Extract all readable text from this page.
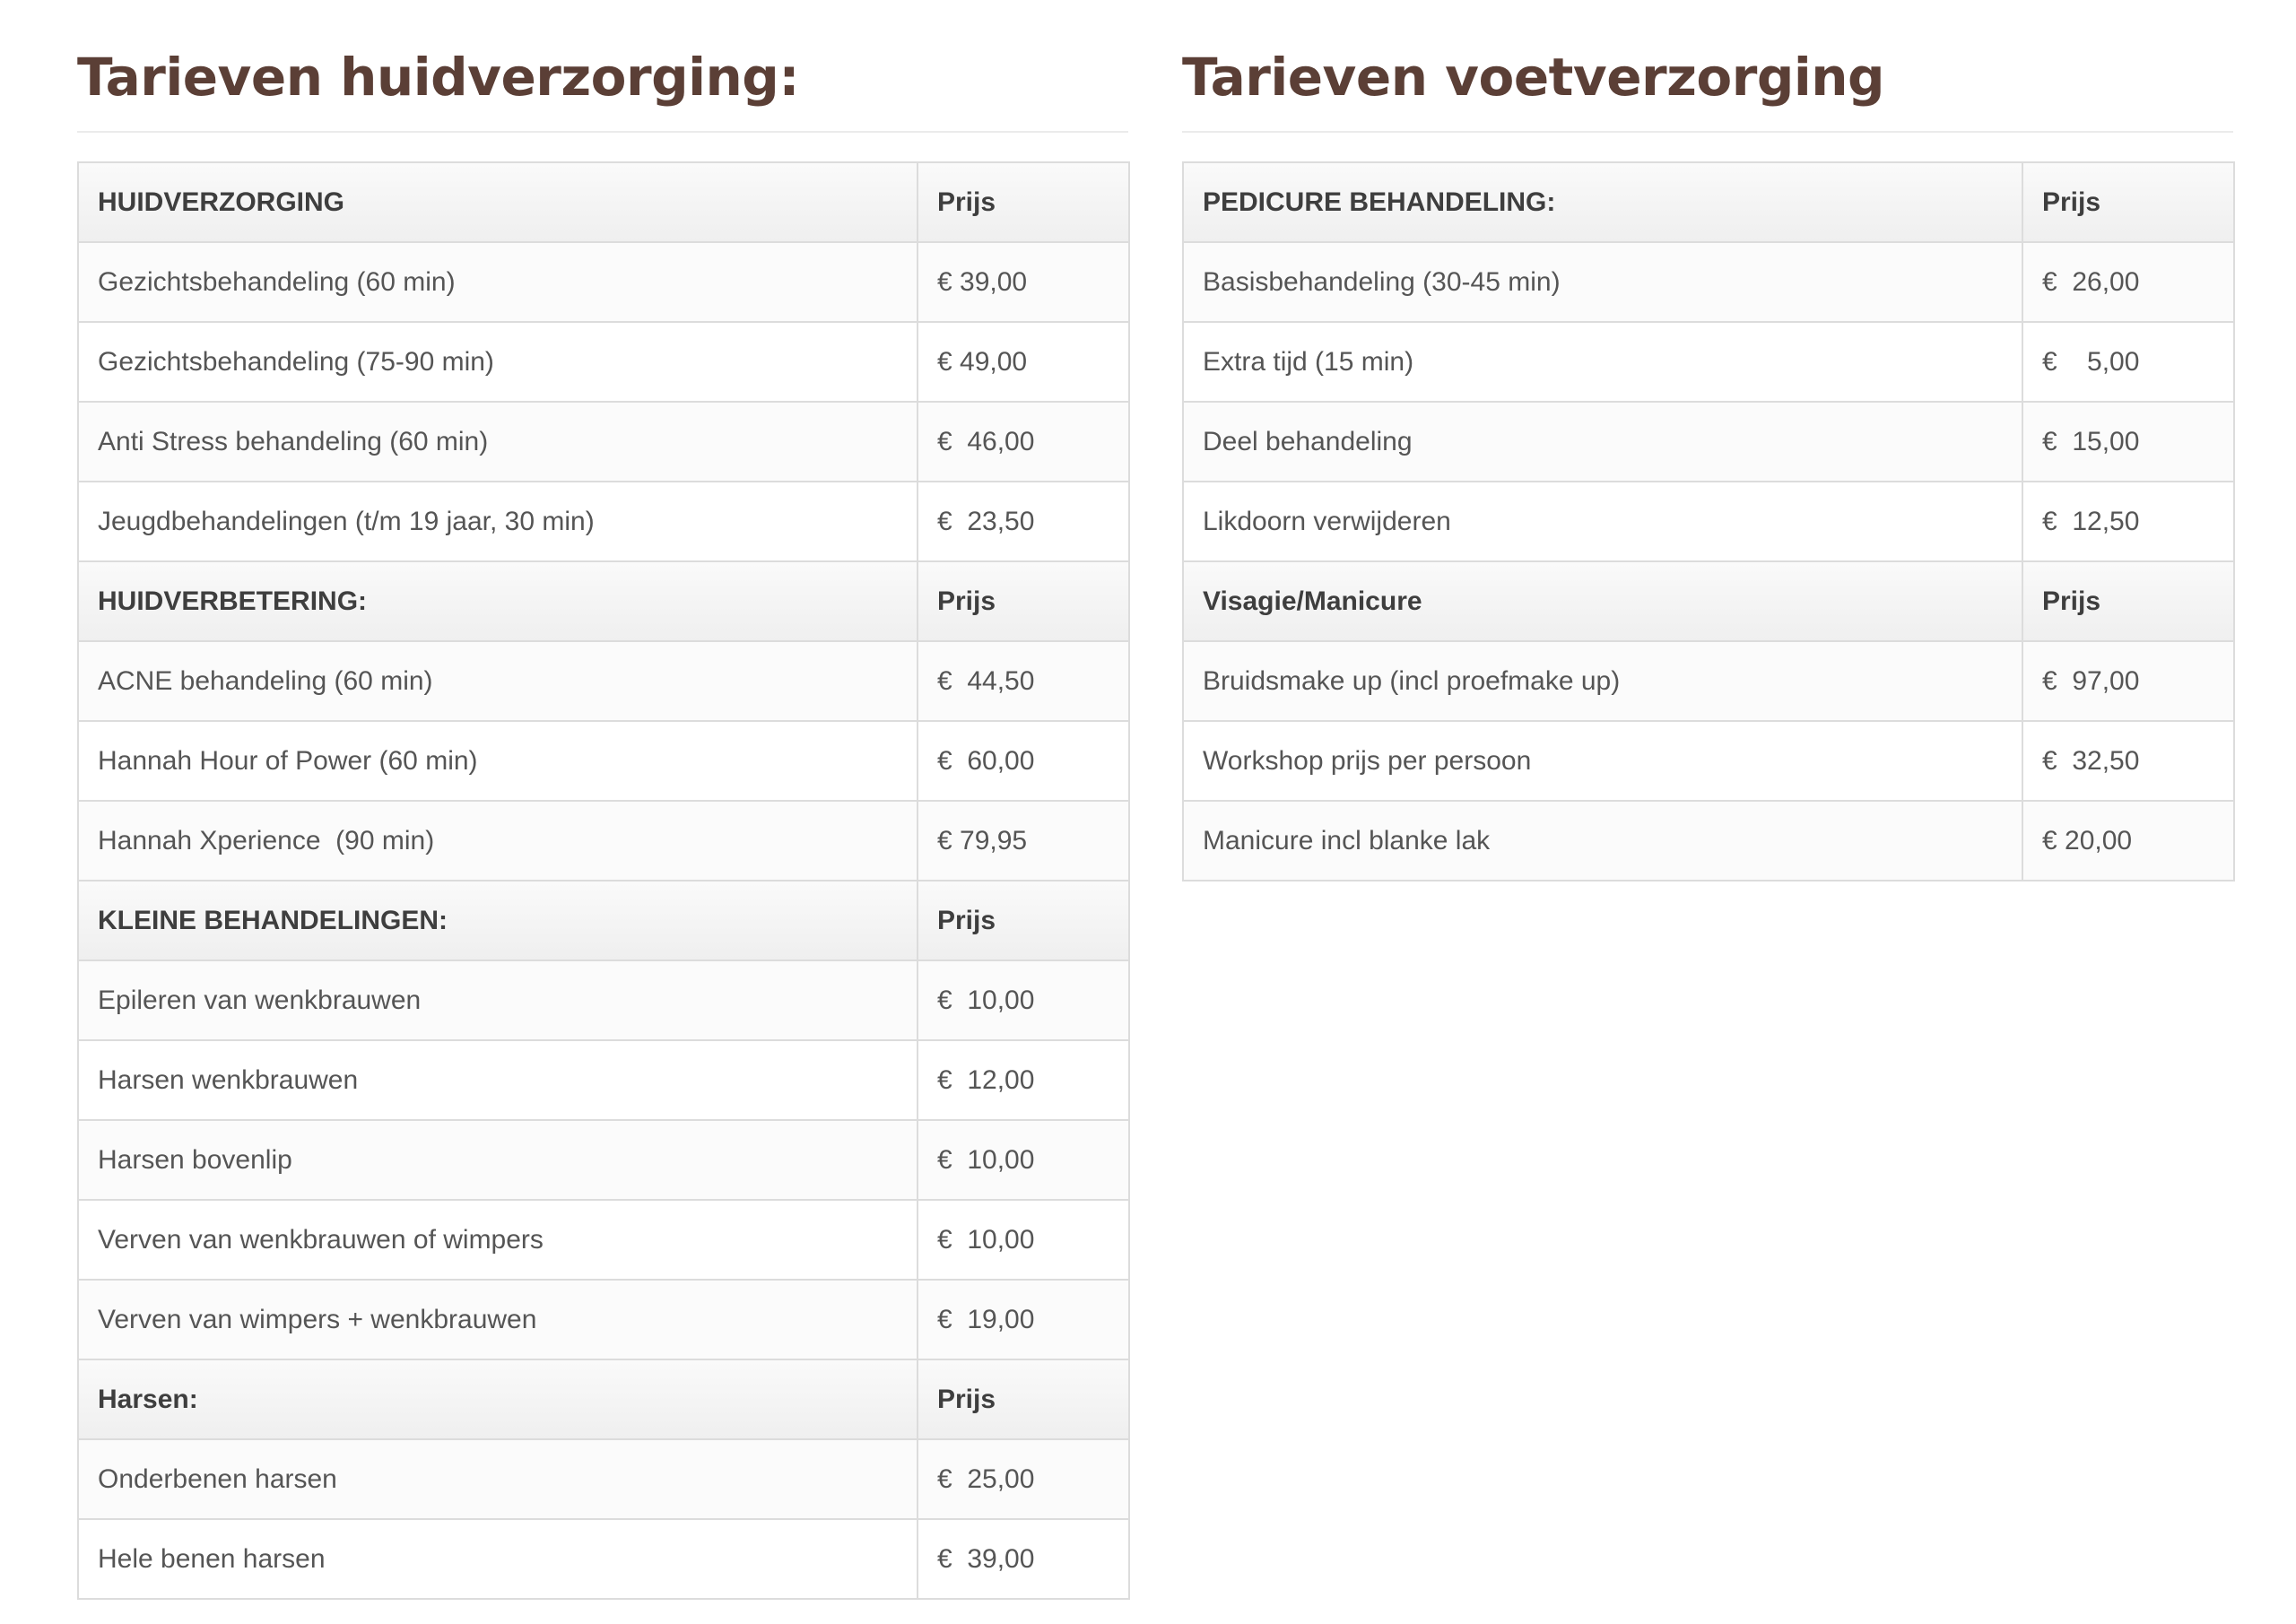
Tarieven huidverzorging:
HUIDVERZORGING	Prijs
Gezichtsbehandeling (60 min)	€ 39,00
Gezichtsbehandeling (75-90 min)	€ 49,00
Anti Stress behandeling (60 min)	€  46,00
Jeugdbehandelingen (t/m 19 jaar, 30 min)	€  23,50
HUIDVERBETERING:	Prijs
ACNE behandeling (60 min)	€  44,50
Hannah Hour of Power (60 min)	€  60,00
Hannah Xperience  (90 min)	€ 79,95
KLEINE BEHANDELINGEN:	Prijs
Epileren van wenkbrauwen	€  10,00
Harsen wenkbrauwen	€  12,00
Harsen bovenlip	€  10,00
Verven van wenkbrauwen of wimpers	€  10,00
Verven van wimpers + wenkbrauwen	€  19,00
Harsen:	Prijs
Onderbenen harsen	€  25,00
Hele benen harsen	€  39,00
Tarieven voetverzorging
PEDICURE BEHANDELING:	Prijs
Basisbehandeling (30-45 min)	€  26,00
Extra tijd (15 min)	€    5,00
Deel behandeling	€  15,00
Likdoorn verwijderen	€  12,50
Visagie/Manicure	Prijs
Bruidsmake up (incl proefmake up)	€  97,00
Workshop prijs per persoon	€  32,50
Manicure incl blanke lak	€ 20,00
